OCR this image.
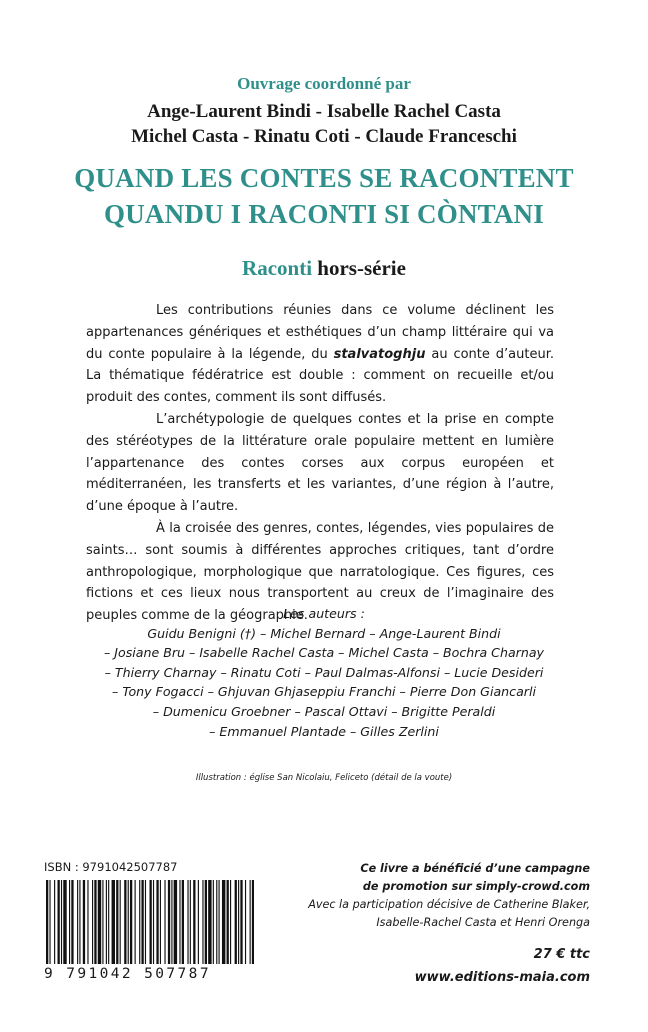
Ouvrage coordonné par
Ange-Laurent Bindi - Isabelle Rachel Casta
Michel Casta - Rinatu Coti - Claude Franceschi
QUAND LES CONTES SE RACONTENT
QUANDU I RACONTI SI CÒNTANI
Raconti hors-série

Les contributions réunies dans ce volume déclinent les appartenances génériques et esthétiques d’un champ littéraire qui va du conte populaire à la légende, du stalvatoghju au conte d’auteur. La thématique fédératrice est double : comment on recueille et/ou produit des contes, comment ils sont diffusés.

L’archétypologie de quelques contes et la prise en compte des stéréotypes de la littérature orale populaire mettent en lumière l’appartenance des contes corses aux corpus européen et méditerranéen, les transferts et les variantes, d’une région à l’autre, d’une époque à l’autre.

À la croisée des genres, contes, légendes, vies populaires de saints… sont soumis à différentes approches critiques, tant d’ordre anthropologique, morphologique que narratologique. Ces figures, ces fictions et ces lieux nous transportent au creux de l’imaginaire des peuples comme de la géographie.

Les auteurs :
Guidu Benigni (†) – Michel Bernard – Ange-Laurent Bindi
– Josiane Bru – Isabelle Rachel Casta – Michel Casta – Bochra Charnay
– Thierry Charnay – Rinatu Coti – Paul Dalmas-Alfonsi – Lucie Desideri
– Tony Fogacci – Ghjuvan Ghjaseppiu Franchi – Pierre Don Giancarli
– Dumenicu Groebner – Pascal Ottavi – Brigitte Peraldi
– Emmanuel Plantade – Gilles Zerlini
Illustration : église San Nicolaiu, Feliceto (détail de la voute)
ISBN : 9791042507787
9 791042 507787
Ce livre a bénéficié d’une campagne
de promotion sur simply-crowd.com
Avec la participation décisive de Catherine Blaker,
Isabelle-Rachel Casta et Henri Orenga
27 € ttc
www.editions-maia.com
